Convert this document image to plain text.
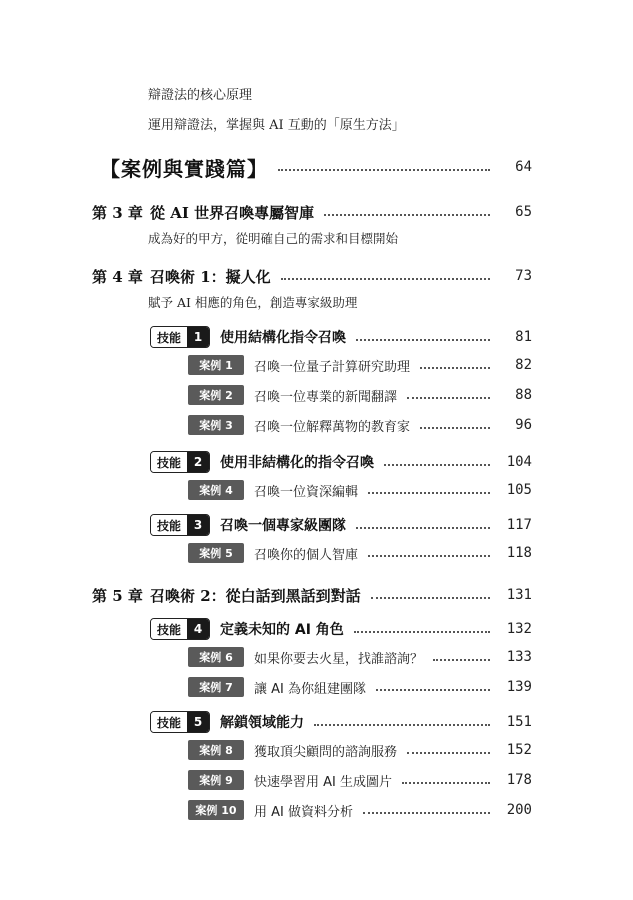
辯證法的核心原理
運用辯證法，掌握與 AI 互動的「原生方法」
【案例與實踐篇】	64
第 3 章 從 AI 世界召喚專屬智庫	65
成為好的甲方，從明確自己的需求和目標開始
第 4 章 召喚術 1：擬人化	73
賦予 AI 相應的角色，創造專家級助理
技能	1	使用結構化指令召喚	81
案例 1	召喚一位量子計算研究助理	82
案例 2	召喚一位專業的新聞翻譯	88
案例 3	召喚一位解釋萬物的教育家	96
技能	2	使用非結構化的指令召喚	104
案例 4	召喚一位資深編輯	105
技能	3	召喚一個專家級團隊	117
案例 5	召喚你的個人智庫	118
第 5 章 召喚術 2：從白話到黑話到對話	131
技能	4	定義未知的 AI 角色	132
案例 6	如果你要去火星，找誰諮詢？	133
案例 7	讓 AI 為你組建團隊	139
技能	5	解鎖領域能力	151
案例 8	獲取頂尖顧問的諮詢服務	152
案例 9	快速學習用 AI 生成圖片	178
案例 10	用 AI 做資料分析	200
